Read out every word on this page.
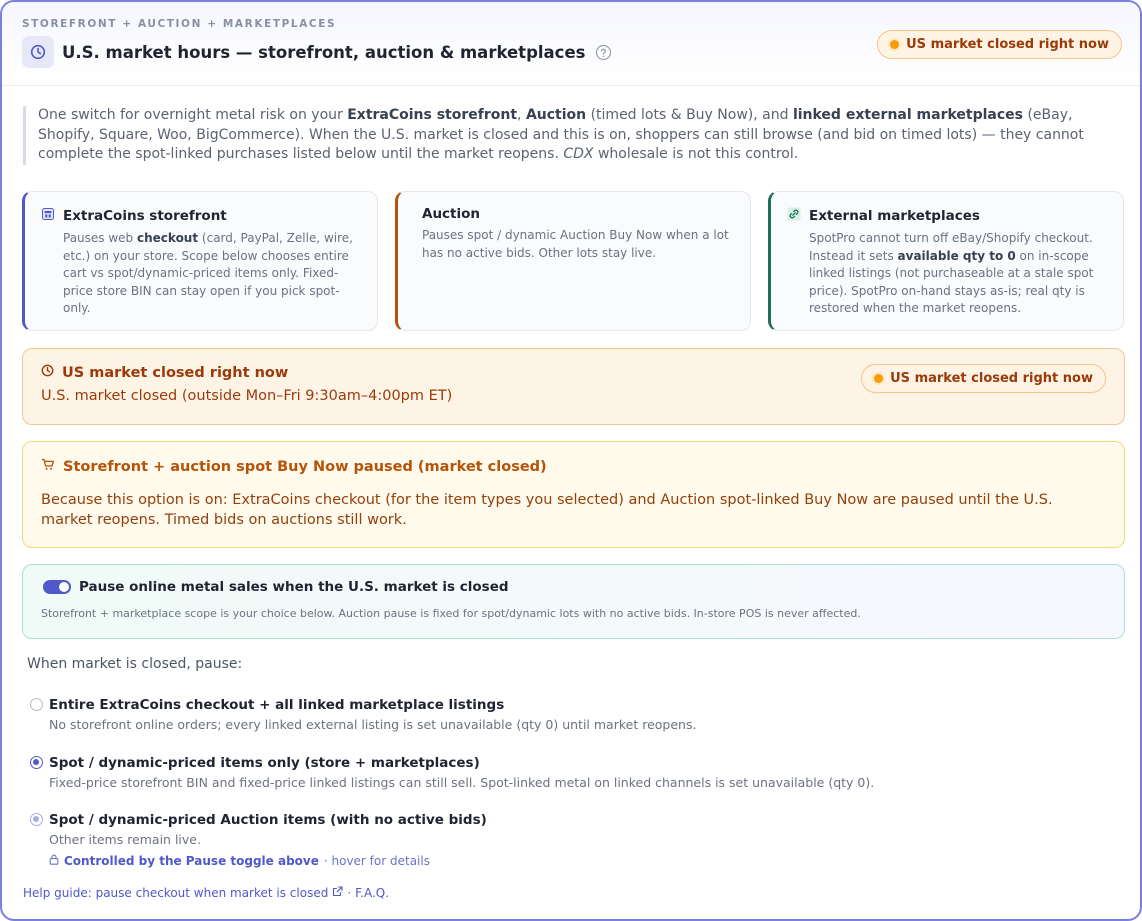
STOREFRONT + AUCTION + MARKETPLACES
U.S. market hours — storefront, auction & marketplaces	US market closed right now
One switch for overnight metal risk on your ExtraCoins storefront, Auction (timed lots & Buy Now), and linked external marketplaces (eBay, Shopify, Square, Woo, BigCommerce). When the U.S. market is closed and this is on, shoppers can still browse (and bid on timed lots) — they cannot complete the spot-linked purchases listed below until the market reopens. CDX wholesale is not this control.
ExtraCoins storefront
Pauses web checkout (card, PayPal, Zelle, wire, etc.) on your store. Scope below chooses entire cart vs spot/dynamic-priced items only. Fixed-price store BIN can stay open if you pick spot-only.
Auction
Pauses spot / dynamic Auction Buy Now when a lot has no active bids. Other lots stay live.
External marketplaces
SpotPro cannot turn off eBay/Shopify checkout. Instead it sets available qty to 0 on in-scope linked listings (not purchaseable at a stale spot price). SpotPro on-hand stays as-is; real qty is restored when the market reopens.
US market closed right now
U.S. market closed (outside Mon–Fri 9:30am–4:00pm ET)
US market closed right now
Storefront + auction spot Buy Now paused (market closed)
Because this option is on: ExtraCoins checkout (for the item types you selected) and Auction spot-linked Buy Now are paused until the U.S. market reopens. Timed bids on auctions still work.
Pause online metal sales when the U.S. market is closed
Storefront + marketplace scope is your choice below. Auction pause is fixed for spot/dynamic lots with no active bids. In-store POS is never affected.
When market is closed, pause:
Entire ExtraCoins checkout + all linked marketplace listings
No storefront online orders; every linked external listing is set unavailable (qty 0) until market reopens.
Spot / dynamic-priced items only (store + marketplaces)
Fixed-price storefront BIN and fixed-price linked listings can still sell. Spot-linked metal on linked channels is set unavailable (qty 0).
Spot / dynamic-priced Auction items (with no active bids)
Other items remain live.
Controlled by the Pause toggle above · hover for details
Help guide: pause checkout when market is closed · F.A.Q.
